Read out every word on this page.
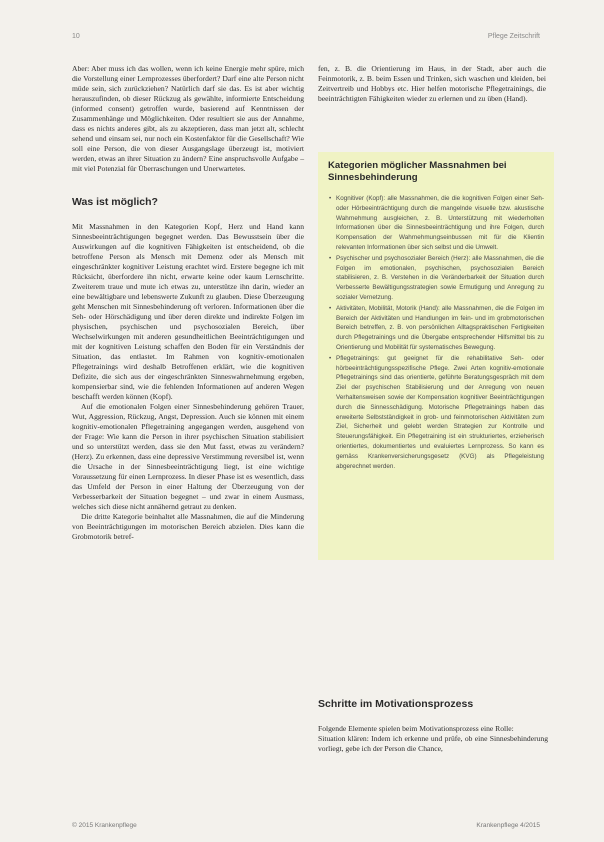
10	Pflege Zeitschrift

Aber: Aber muss ich das wollen, wenn ich keine Energie mehr spüre, mich die Vorstellung einer Lernprozesses überfordert? Darf eine alte Person nicht müde sein, sich zurückziehen? Natürlich darf sie das. Es ist aber wichtig herauszufinden, ob dieser Rückzug als gewählte, informierte Entscheidung (informed consent) getroffen wurde, basierend auf Kenntnissen der Zusammenhänge und Möglichkeiten. Oder resultiert sie aus der Annahme, dass es nichts anderes gibt, als zu akzeptieren, dass man jetzt alt, schlecht sehend und einsam sei, nur noch ein Kostenfaktor für die Gesellschaft? Wie soll eine Person, die von dieser Ausgangslage überzeugt ist, motiviert werden, etwas an ihrer Situation zu ändern? Eine anspruchsvolle Aufgabe – mit viel Potenzial für Überraschungen und Unerwartetes.

Was ist möglich?

Mit Massnahmen in den Kategorien Kopf, Herz und Hand kann Sinnesbeeinträchtigungen begegnet werden. Das Bewusstsein über die Auswirkungen auf die kognitiven Fähigkeiten ist entscheidend, ob die betroffene Person als Mensch mit Demenz oder als Mensch mit eingeschränkter kognitiver Leistung erachtet wird. Erstere begegne ich mit Rücksicht, überfordere ihn nicht, erwarte keine oder kaum Lernschritte. Zweiterem traue und mute ich etwas zu, unterstütze ihn darin, wieder an eine bewältigbare und lebenswerte Zukunft zu glauben. Diese Überzeugung geht Menschen mit Sinnesbehinderung oft verloren. Informationen über die Seh- oder Hörschädigung und über deren direkte und indirekte Folgen im physischen, psychischen und psychosozialen Bereich, über Wechselwirkungen mit anderen gesundheitlichen Beeinträchtigungen und mit der kognitiven Leistung schaffen den Boden für ein Verständnis der Situation, das entlastet. Im Rahmen von kognitiv-emotionalen Pflegetrainings wird deshalb Betroffenen erklärt, wie die kognitiven Defizite, die sich aus der eingeschränkten Sinneswahrnehmung ergeben, kompensierbar sind, wie die fehlenden Informationen auf anderen Wegen beschafft werden können (Kopf).

Auf die emotionalen Folgen einer Sinnesbehinderung gehören Trauer, Wut, Aggression, Rückzug, Angst, Depression. Auch sie können mit einem kognitiv-emotionalen Pflegetraining angegangen werden, ausgehend von der Frage: Wie kann die Person in ihrer psychischen Situation stabilisiert und so unterstützt werden, dass sie den Mut fasst, etwas zu verändern? (Herz). Zu erkennen, dass eine depressive Verstimmung reversibel ist, wenn die Ursache in der Sinnesbeeinträchtigung liegt, ist eine wichtige Voraussetzung für einen Lernprozess. In dieser Phase ist es wesentlich, dass das Umfeld der Person in einer Haltung der Überzeugung von der Verbesserbarkeit der Situation begegnet – und zwar in einem Ausmass, welches sich diese nicht annähernd getraut zu denken.

Die dritte Kategorie beinhaltet alle Massnahmen, die auf die Minderung von Beeinträchtigungen im motorischen Bereich abzielen. Dies kann die Grobmotorik betref-

fen, z. B. die Orientierung im Haus, in der Stadt, aber auch die Feinmotorik, z. B. beim Essen und Trinken, sich waschen und kleiden, bei Zeitvertreib und Hobbys etc. Hier helfen motorische Pflegetrainings, die beeinträchtigten Fähigkeiten wieder zu erlernen und zu üben (Hand).

Kategorien möglicher Massnahmen bei Sinnesbehinderung
• Kognitiver (Kopf): alle Massnahmen, die die kognitiven Folgen einer Seh- oder Hörbeeinträchtigung durch die mangelnde visuelle bzw. akustische Wahrnehmung ausgleichen, z. B. Unterstützung mit wiederholten Informationen über die Sinnesbeeinträchtigung und ihre Folgen, durch Kompensation der Wahrnehmungseinbussen mit für die Klientin relevanten Informationen über sich selbst und die Umwelt.
• Psychischer und psychosozialer Bereich (Herz): alle Massnahmen, die die Folgen im emotionalen, psychischen, psychosozialen Bereich stabilisieren, z. B. Verstehen in die Veränderbarkeit der Situation durch Verbesserte Bewältigungsstrategien sowie Ermutigung und Anregung zu sozialer Vernetzung.
• Aktivitäten, Mobilität, Motorik (Hand): alle Massnahmen, die die Folgen im Bereich der Aktivitäten und Handlungen im fein- und im grobmotorischen Bereich betreffen, z. B. von persönlichen Alltagspraktischen Fertigkeiten durch Pflegetrainings und die Übergabe entsprechender Hilfsmittel bis zu Orientierung und Mobilität für systematisches Bewegung.
• Pflegetrainings: gut geeignet für die rehabilitative Seh- oder hörbeeinträchtigungsspezifische Pflege. Zwei Arten kognitiv-emotionale Pflegetrainings sind das orientierte, geführte Beratungsgespräch mit dem Ziel der psychischen Stabilisierung und der Anregung von neuen Verhaltensweisen sowie der Kompensation kognitiver Beeinträchtigungen durch die Sinnesschädigung. Motorische Pflegetrainings haben das erweiterte Selbstständigkeit in grob- und feinmotorischen Aktivitäten zum Ziel, Sicherheit und gelebt werden Strategien zur Kontrolle und Steuerungsfähigkeit. Ein Pflegetraining ist ein strukturiertes, erzieherisch orientiertes, dokumentiertes und evaluiertes Lernprozess. So kann es gemäss Krankenversicherungsgesetz (KVG) als Pflegeleistung abgerechnet werden.
Schritte im Motivationsprozess

Folgende Elemente spielen beim Motivationsprozess eine Rolle:

Situation klären: Indem ich erkenne und prüfe, ob eine Sinnesbehinderung vorliegt, gebe ich der Person die Chance,

© 2015 Krankenpflege	Krankenpflege 4/2015
